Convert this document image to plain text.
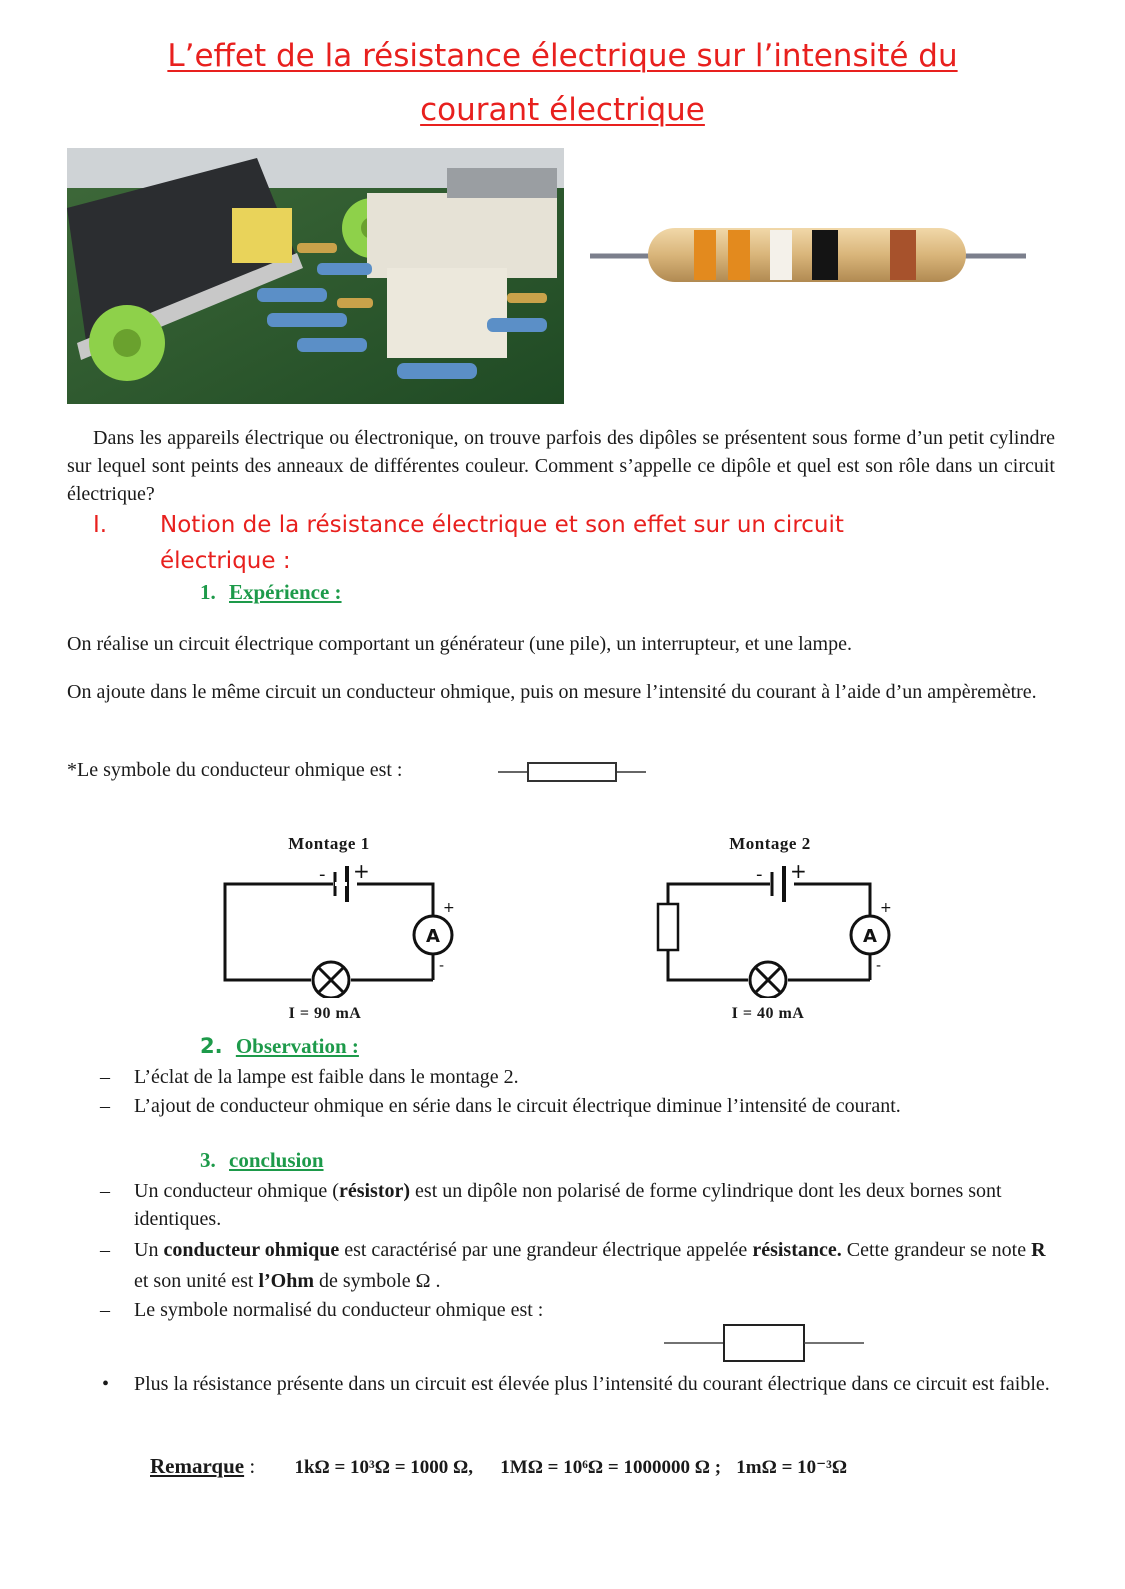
L’effet de la résistance électrique sur l’intensité du
courant électrique
Dans les appareils électrique ou électronique, on trouve parfois des dipôles se présentent sous forme d’un petit cylindre sur lequel sont peints des anneaux de différentes couleur. Comment s’appelle ce dipôle et quel est son rôle dans un circuit électrique?
I. Notion de la résistance électrique et son effet sur un circuit
électrique :
1. Expérience :
On réalise un circuit électrique comportant un générateur (une pile), un interrupteur, et une lampe.
On ajoute dans le même circuit un conducteur ohmique, puis on mesure l’intensité du courant à l’aide d’un ampèremètre.
*Le symbole du conducteur ohmique est :
Montage 1
A
- +
+
-
I = 90 mA
Montage 2
A
- +
+
-
I = 40 mA
2. Observation :
– L’éclat de la lampe est faible dans le montage 2.
– L’ajout de conducteur ohmique en série dans le circuit électrique diminue l’intensité de courant.
3. conclusion
– Un conducteur ohmique (résistor) est un dipôle non polarisé de forme cylindrique dont les deux bornes sont identiques.
– Un conducteur ohmique est caractérisé par une grandeur électrique appelée résistance. Cette grandeur se note R et son unité est l’Ohm de symbole Ω .
– Le symbole normalisé du conducteur ohmique est :
• Plus la résistance présente dans un circuit est élevée plus l’intensité du courant électrique dans ce circuit est faible.
Remarque : 1kΩ = 10³Ω = 1000 Ω, 1MΩ = 10⁶Ω = 1000000 Ω ; 1mΩ = 10⁻³Ω
